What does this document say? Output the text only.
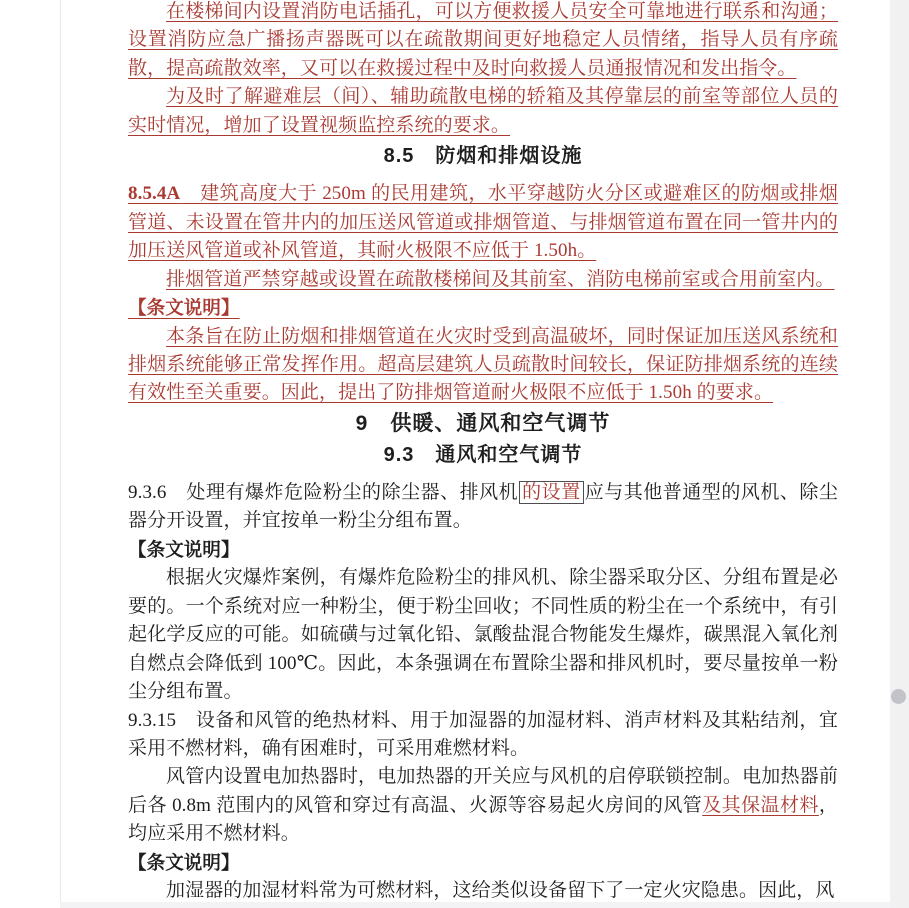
在楼梯间内设置消防电话插孔，可以方便救援人员安全可靠地进行联系和沟通；设置消防应急广播扬声器既可以在疏散期间更好地稳定人员情绪，指导人员有序疏散，提高疏散效率，又可以在救援过程中及时向救援人员通报情况和发出指令。
为及时了解避难层（间）、辅助疏散电梯的轿箱及其停靠层的前室等部位人员的实时情况，增加了设置视频监控系统的要求。
8.5　防烟和排烟设施
8.5.4A　建筑高度大于 250m 的民用建筑，水平穿越防火分区或避难区的防烟或排烟管道、未设置在管井内的加压送风管道或排烟管道、与排烟管道布置在同一管井内的加压送风管道或补风管道，其耐火极限不应低于 1.50h。
排烟管道严禁穿越或设置在疏散楼梯间及其前室、消防电梯前室或合用前室内。
【条文说明】
本条旨在防止防烟和排烟管道在火灾时受到高温破坏，同时保证加压送风系统和排烟系统能够正常发挥作用。超高层建筑人员疏散时间较长，保证防排烟系统的连续有效性至关重要。因此，提出了防排烟管道耐火极限不应低于 1.50h 的要求。
9　供暖、通风和空气调节
9.3　通风和空气调节
9.3.6　处理有爆炸危险粉尘的除尘器、排风机 的设置 应与其他普通型的风机、除尘器分开设置，并宜按单一粉尘分组布置。
【条文说明】
根据火灾爆炸案例，有爆炸危险粉尘的排风机、除尘器采取分区、分组布置是必要的。一个系统对应一种粉尘，便于粉尘回收；不同性质的粉尘在一个系统中，有引起化学反应的可能。如硫磺与过氧化铅、氯酸盐混合物能发生爆炸，碳黑混入氧化剂自燃点会降低到 100℃。因此，本条强调在布置除尘器和排风机时，要尽量按单一粉尘分组布置。
9.3.15　设备和风管的绝热材料、用于加湿器的加湿材料、消声材料及其粘结剂，宜采用不燃材料，确有困难时，可采用难燃材料。
风管内设置电加热器时，电加热器的开关应与风机的启停联锁控制。电加热器前后各 0.8m 范围内的风管和穿过有高温、火源等容易起火房间的风管及其保温材料，均应采用不燃材料。
【条文说明】
加湿器的加湿材料常为可燃材料，这给类似设备留下了一定火灾隐患。因此，风
